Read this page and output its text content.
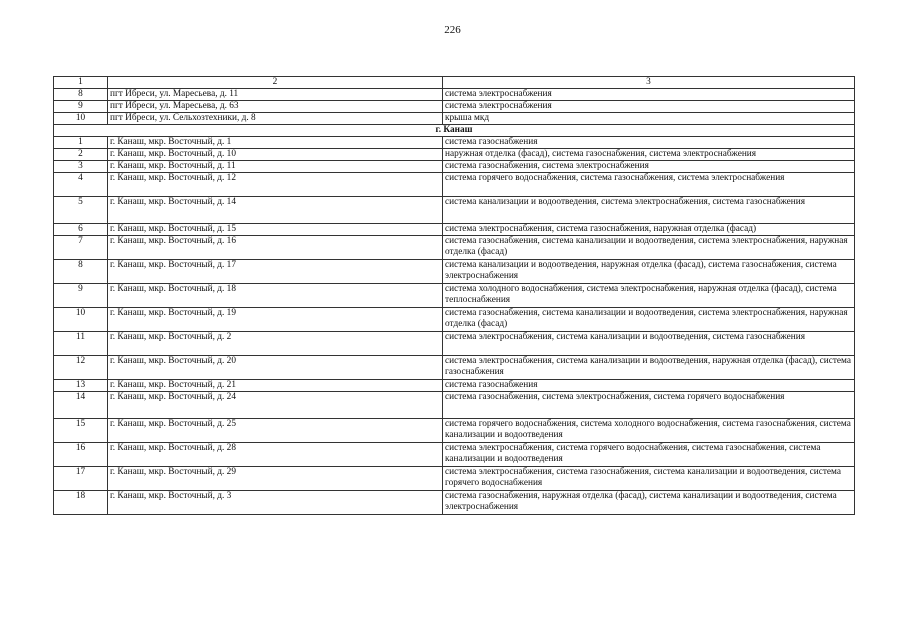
226
1	2	3
8	пгт Ибреси, ул. Маресьева, д. 11	система электроснабжения
9	пгт Ибреси, ул. Маресьева, д. 63	система электроснабжения
10	пгт Ибреси, ул. Сельхозтехники, д. 8	крыша мкд
г. Канаш		
1	г. Канаш, мкр. Восточный, д. 1	система газоснабжения
2	г. Канаш, мкр. Восточный, д. 10	наружная отделка (фасад), система газоснабжения, система электроснабжения
3	г. Канаш, мкр. Восточный, д. 11	система газоснабжения, система электроснабжения
4	г. Канаш, мкр. Восточный, д. 12	система горячего водоснабжения, система газоснабжения, система электроснабжения
5	г. Канаш, мкр. Восточный, д. 14	система канализации и водоотведения, система электроснабжения, система газоснабжения
6	г. Канаш, мкр. Восточный, д. 15	система электроснабжения, система газоснабжения, наружная отделка (фасад)
7	г. Канаш, мкр. Восточный, д. 16	система газоснабжения, система канализации и водоотведения, система электроснабжения, наружная отделка (фасад)
8	г. Канаш, мкр. Восточный, д. 17	система канализации и водоотведения, наружная отделка (фасад), система газоснабжения, система электроснабжения
9	г. Канаш, мкр. Восточный, д. 18	система холодного водоснабжения, система электроснабжения, наружная отделка (фасад), система теплоснабжения
10	г. Канаш, мкр. Восточный, д. 19	система газоснабжения, система канализации и водоотведения, система электроснабжения, наружная отделка (фасад)
11	г. Канаш, мкр. Восточный, д. 2	система электроснабжения, система канализации и водоотведения, система газоснабжения
12	г. Канаш, мкр. Восточный, д. 20	система электроснабжения, система канализации и водоотведения, наружная отделка (фасад), система газоснабжения
13	г. Канаш, мкр. Восточный, д. 21	система газоснабжения
14	г. Канаш, мкр. Восточный, д. 24	система газоснабжения, система электроснабжения, система горячего водоснабжения
15	г. Канаш, мкр. Восточный, д. 25	система горячего водоснабжения, система холодного водоснабжения, система газоснабжения, система канализации и водоотведения
16	г. Канаш, мкр. Восточный, д. 28	система электроснабжения, система горячего водоснабжения, система газоснабжения, система канализации и водоотведения
17	г. Канаш, мкр. Восточный, д. 29	система электроснабжения, система газоснабжения, система канализации и водоотведения, система горячего водоснабжения
18	г. Канаш, мкр. Восточный, д. 3	система газоснабжения, наружная отделка (фасад), система канализации и водоотведения, система электроснабжения
